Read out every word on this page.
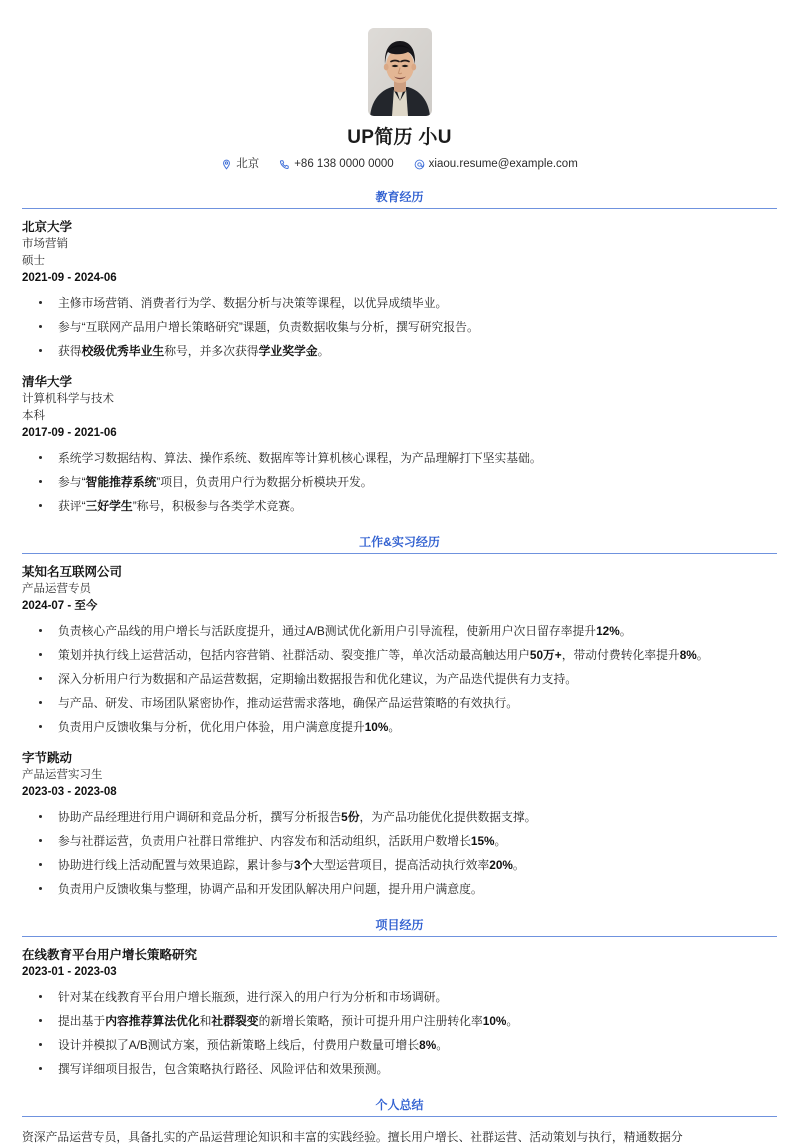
UP简历 小U
北京	+86 138 0000 0000	xiaou.resume@example.com
教育经历
北京大学
市场营销
硕士
2021-09 - 2024-06
主修市场营销、消费者行为学、数据分析与决策等课程，以优异成绩毕业。
参与“互联网产品用户增长策略研究”课题，负责数据收集与分析，撰写研究报告。
获得校级优秀毕业生称号，并多次获得学业奖学金。
清华大学
计算机科学与技术
本科
2017-09 - 2021-06
系统学习数据结构、算法、操作系统、数据库等计算机核心课程，为产品理解打下坚实基础。
参与“智能推荐系统”项目，负责用户行为数据分析模块开发。
获评“三好学生”称号，积极参与各类学术竞赛。
工作&实习经历
某知名互联网公司
产品运营专员
2024-07 - 至今
负责核心产品线的用户增长与活跃度提升，通过A/B测试优化新用户引导流程，使新用户次日留存率提升12%。
策划并执行线上运营活动，包括内容营销、社群活动、裂变推广等，单次活动最高触达用户50万+，带动付费转化率提升8%。
深入分析用户行为数据和产品运营数据，定期输出数据报告和优化建议，为产品迭代提供有力支持。
与产品、研发、市场团队紧密协作，推动运营需求落地，确保产品运营策略的有效执行。
负责用户反馈收集与分析，优化用户体验，用户满意度提升10%。
字节跳动
产品运营实习生
2023-03 - 2023-08
协助产品经理进行用户调研和竞品分析，撰写分析报告5份，为产品功能优化提供数据支撑。
参与社群运营，负责用户社群日常维护、内容发布和活动组织，活跃用户数增长15%。
协助进行线上活动配置与效果追踪，累计参与3个大型运营项目，提高活动执行效率20%。
负责用户反馈收集与整理，协调产品和开发团队解决用户问题，提升用户满意度。
项目经历
在线教育平台用户增长策略研究
2023-01 - 2023-03
针对某在线教育平台用户增长瓶颈，进行深入的用户行为分析和市场调研。
提出基于内容推荐算法优化和社群裂变的新增长策略，预计可提升用户注册转化率10%。
设计并模拟了A/B测试方案，预估新策略上线后，付费用户数量可增长8%。
撰写详细项目报告，包含策略执行路径、风险评估和效果预测。
个人总结
资深产品运营专员，具备扎实的产品运营理论知识和丰富的实践经验。擅长用户增长、社群运营、活动策划与执行，精通数据分
